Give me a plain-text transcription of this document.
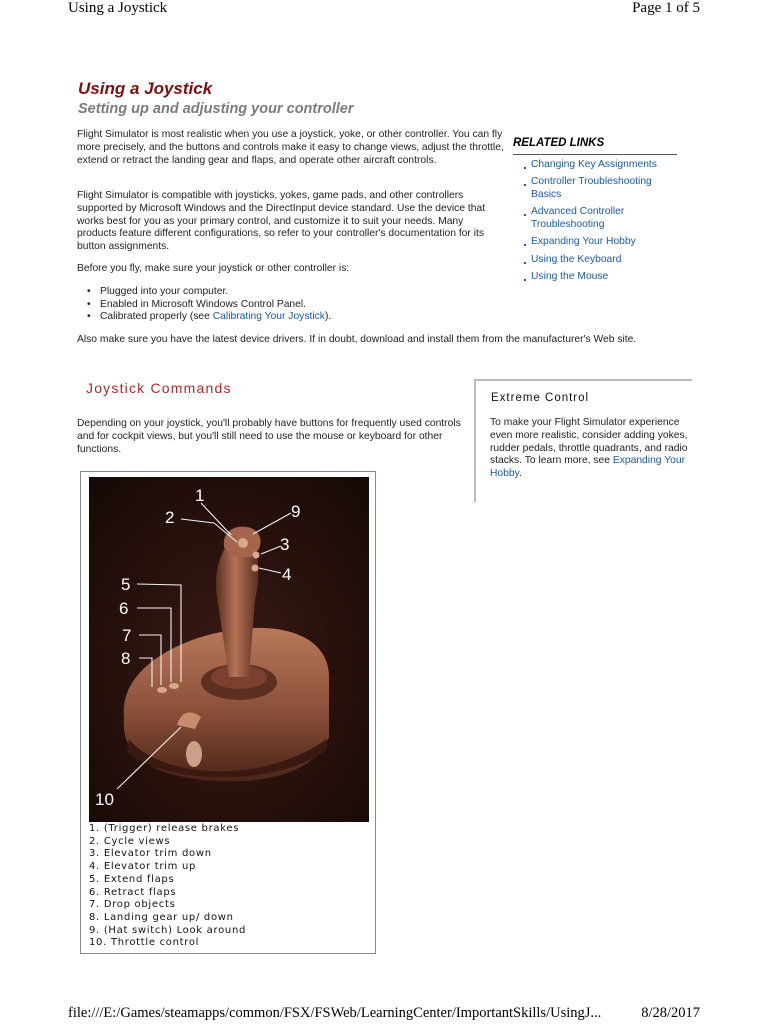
Using a Joystick	Page 1 of 5
Using a Joystick
Setting up and adjusting your controller
Flight Simulator is most realistic when you use a joystick, yoke, or other controller. You can fly more precisely, and the buttons and controls make it easy to change views, adjust the throttle, extend or retract the landing gear and flaps, and operate other aircraft controls.
Flight Simulator is compatible with joysticks, yokes, game pads, and other controllers supported by Microsoft Windows and the DirectInput device standard. Use the device that works best for you as your primary control, and customize it to suit your needs. Many products feature different configurations, so refer to your controller's documentation for its button assignments.
Before you fly, make sure your joystick or other controller is:
• Plugged into your computer.
• Enabled in Microsoft Windows Control Panel.
• Calibrated properly (see Calibrating Your Joystick).
Also make sure you have the latest device drivers. If in doubt, download and install them from the manufacturer's Web site.
RELATED LINKS
Changing Key Assignments
Controller Troubleshooting Basics
Advanced Controller Troubleshooting
Expanding Your Hobby
Using the Keyboard
Using the Mouse
Joystick Commands
Depending on your joystick, you'll probably have buttons for frequently used controls and for cockpit views, but you'll still need to use the mouse or keyboard for other functions.
Extreme Control
To make your Flight Simulator experience even more realistic, consider adding yokes, rudder pedals, throttle quadrants, and radio stacks. To learn more, see Expanding Your Hobby.
1
2	9
3
4
5
6
7
8
10
1. (Trigger) release brakes
2. Cycle views
3. Elevator trim down
4. Elevator trim up
5. Extend flaps
6. Retract flaps
7. Drop objects
8. Landing gear up/ down
9. (Hat switch) Look around
10. Throttle control
file:///E:/Games/steamapps/common/FSX/FSWeb/LearningCenter/ImportantSkills/UsingJ...	8/28/2017
